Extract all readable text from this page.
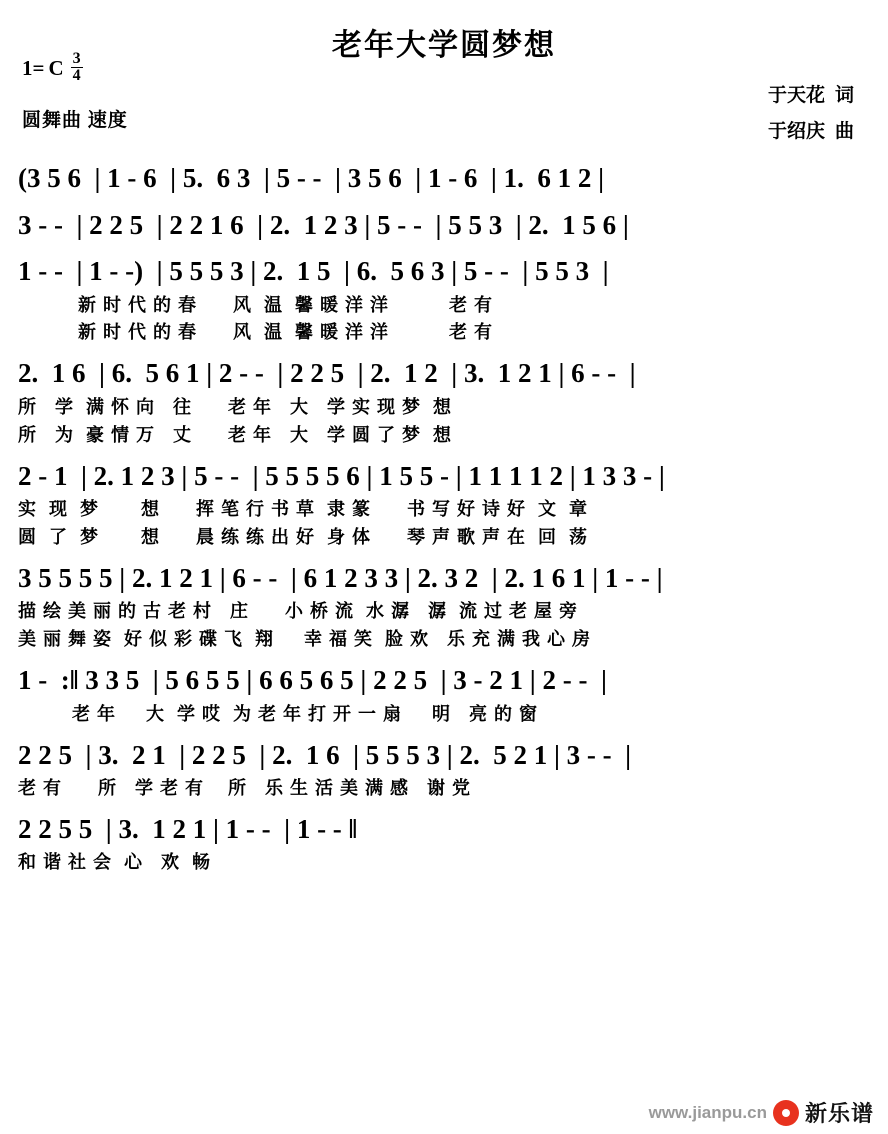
老年大学圆梦想
1= C $\frac{3}{4}$
圆舞曲 速度
于天花 词
于绍庆 曲
(3 5 6  | 1 - 6  | 5.  6 3  | 5 - -  | 3 5 6  | 1 - 6  | 1.  6 1 2 |
3 - -  | 2 2 5  | 2 2 1 6  | 2.  1 2 3 | 5 - -  | 5 5 3  | 2.  1 5 6 |
1 - -  | 1 - -)  | 5 5 5 3 | 2.  1 5  | 6.  5 6 3 | 5 - -  | 5 5 3  |
新 时 代 的 春      风  温  馨 暖 洋 洋          老 有
新 时 代 的 春      风  温  馨 暖 洋 洋          老 有
2.  1 6  | 6.  5 6 1 | 2 - -  | 2 2 5  | 2.  1 2  | 3.  1 2 1 | 6 - -  |
所   学  满 怀 向   往      老 年   大   学 实 现 梦  想
所   为  豪 情 万   丈      老 年   大   学 圆 了 梦  想
2 - 1  | 2. 1 2 3 | 5 - -  | 5 5 5 5 6 | 1 5 5 - | 1 1 1 1 2 | 1 3 3 - |
实  现  梦       想      挥 笔 行 书 草  隶 篆      书 写 好 诗 好  文  章
圆  了  梦       想      晨 练 练 出 好  身 体      琴 声 歌 声 在  回  荡
3 5 5 5 5 | 2. 1 2 1 | 6 - -  | 6 1 2 3 3 | 2. 3 2  | 2. 1 6 1 | 1 - - |
描 绘 美 丽 的 古 老 村   庄      小 桥 流  水 潺   潺  流 过 老 屋 旁
美 丽 舞 姿  好 似 彩 碟 飞  翔     幸 福 笑  脸 欢   乐 充 满 我 心 房
1 -  :‖ 3 3 5  | 5 6 5 5 | 6 6 5 6 5 | 2 2 5  | 3 - 2 1 | 2 - -  |
老 年     大  学 哎  为 老 年 打 开 一 扇     明   亮 的 窗
2 2 5  | 3.  2 1  | 2 2 5  | 2.  1 6  | 5 5 5 3 | 2.  5 2 1 | 3 - -  |
老 有      所   学 老 有    所   乐 生 活 美 满 感   谢 党
2 2 5 5  | 3.  1 2 1 | 1 - -  | 1 - - ‖
和 谐 社 会  心   欢  畅
www.jianpu.cn 新乐谱
